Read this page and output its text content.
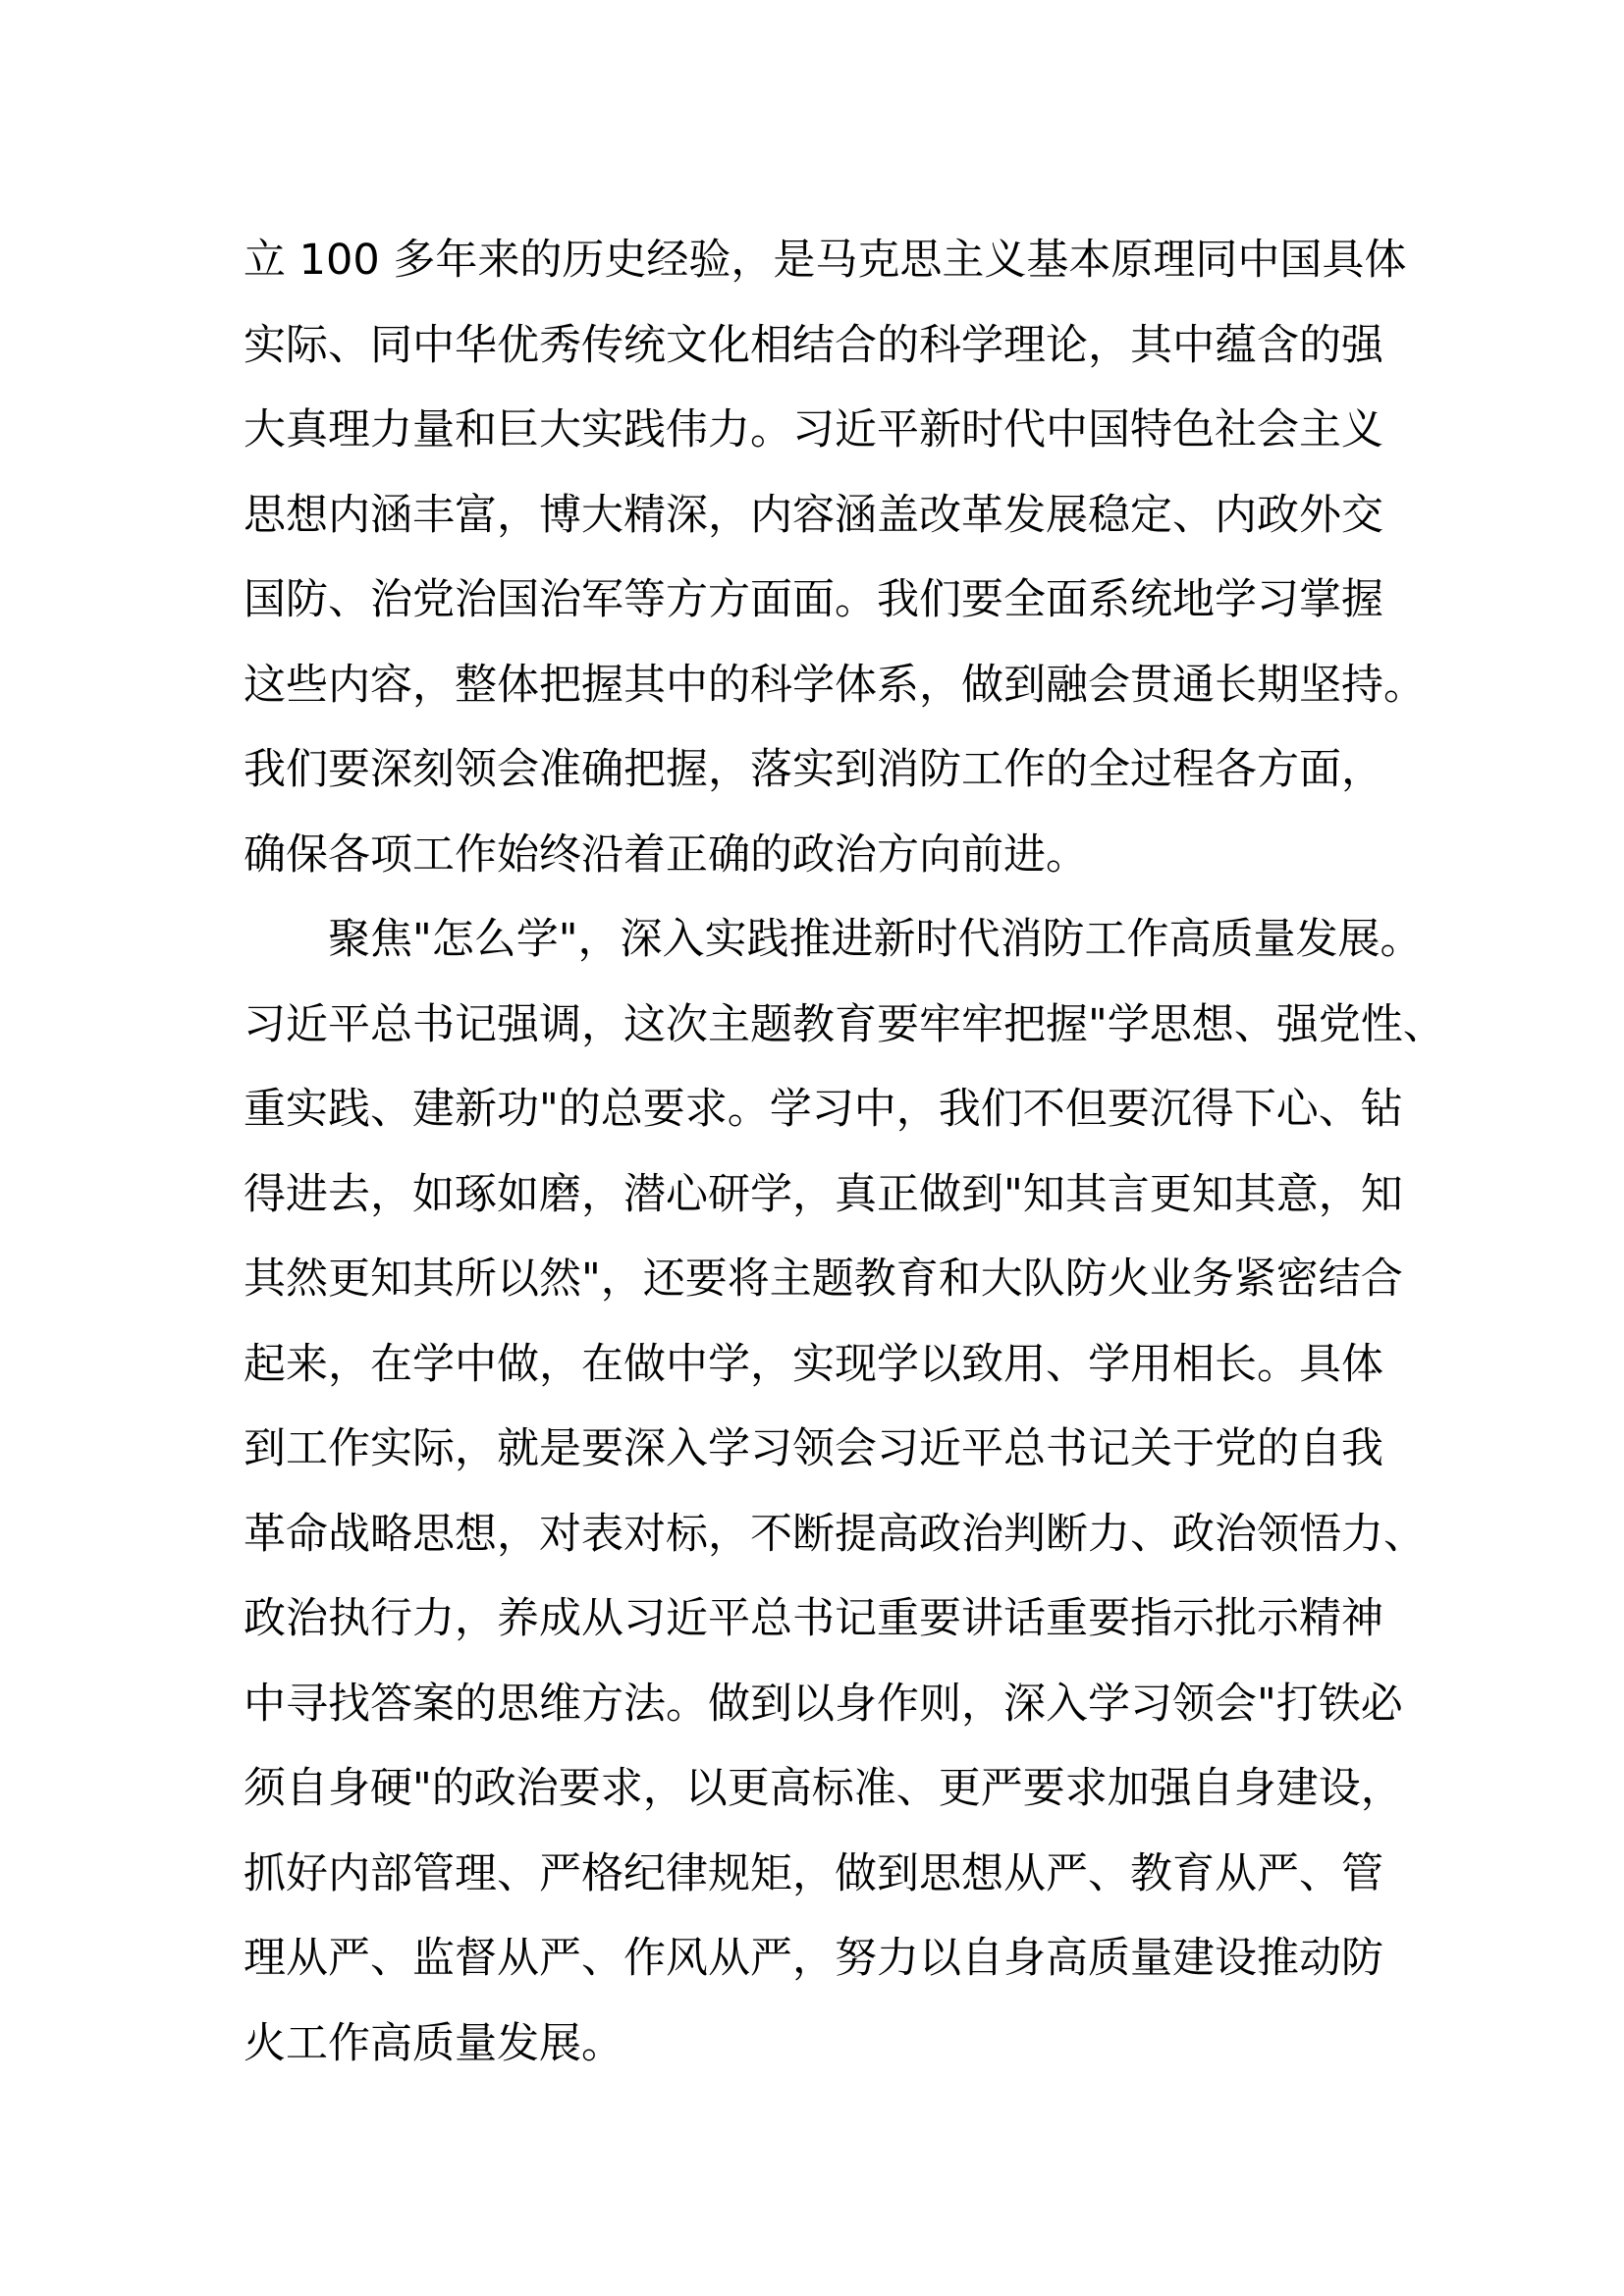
立 100 多年来的历史经验，是马克思主义基本原理同中国具体
实际、同中华优秀传统文化相结合的科学理论，其中蕴含的强
大真理力量和巨大实践伟力。习近平新时代中国特色社会主义
思想内涵丰富，博大精深，内容涵盖改革发展稳定、内政外交
国防、治党治国治军等方方面面。我们要全面系统地学习掌握
这些内容，整体把握其中的科学体系，做到融会贯通长期坚持。
我们要深刻领会准确把握，落实到消防工作的全过程各方面，
确保各项工作始终沿着正确的政治方向前进。
聚焦"怎么学"，深入实践推进新时代消防工作高质量发展。
习近平总书记强调，这次主题教育要牢牢把握"学思想、强党性、
重实践、建新功"的总要求。学习中，我们不但要沉得下心、钻
得进去，如琢如磨，潜心研学，真正做到"知其言更知其意，知
其然更知其所以然"，还要将主题教育和大队防火业务紧密结合
起来，在学中做，在做中学，实现学以致用、学用相长。具体
到工作实际，就是要深入学习领会习近平总书记关于党的自我
革命战略思想，对表对标，不断提高政治判断力、政治领悟力、
政治执行力，养成从习近平总书记重要讲话重要指示批示精神
中寻找答案的思维方法。做到以身作则，深入学习领会"打铁必
须自身硬"的政治要求，以更高标准、更严要求加强自身建设，
抓好内部管理、严格纪律规矩，做到思想从严、教育从严、管
理从严、监督从严、作风从严，努力以自身高质量建设推动防
火工作高质量发展。
